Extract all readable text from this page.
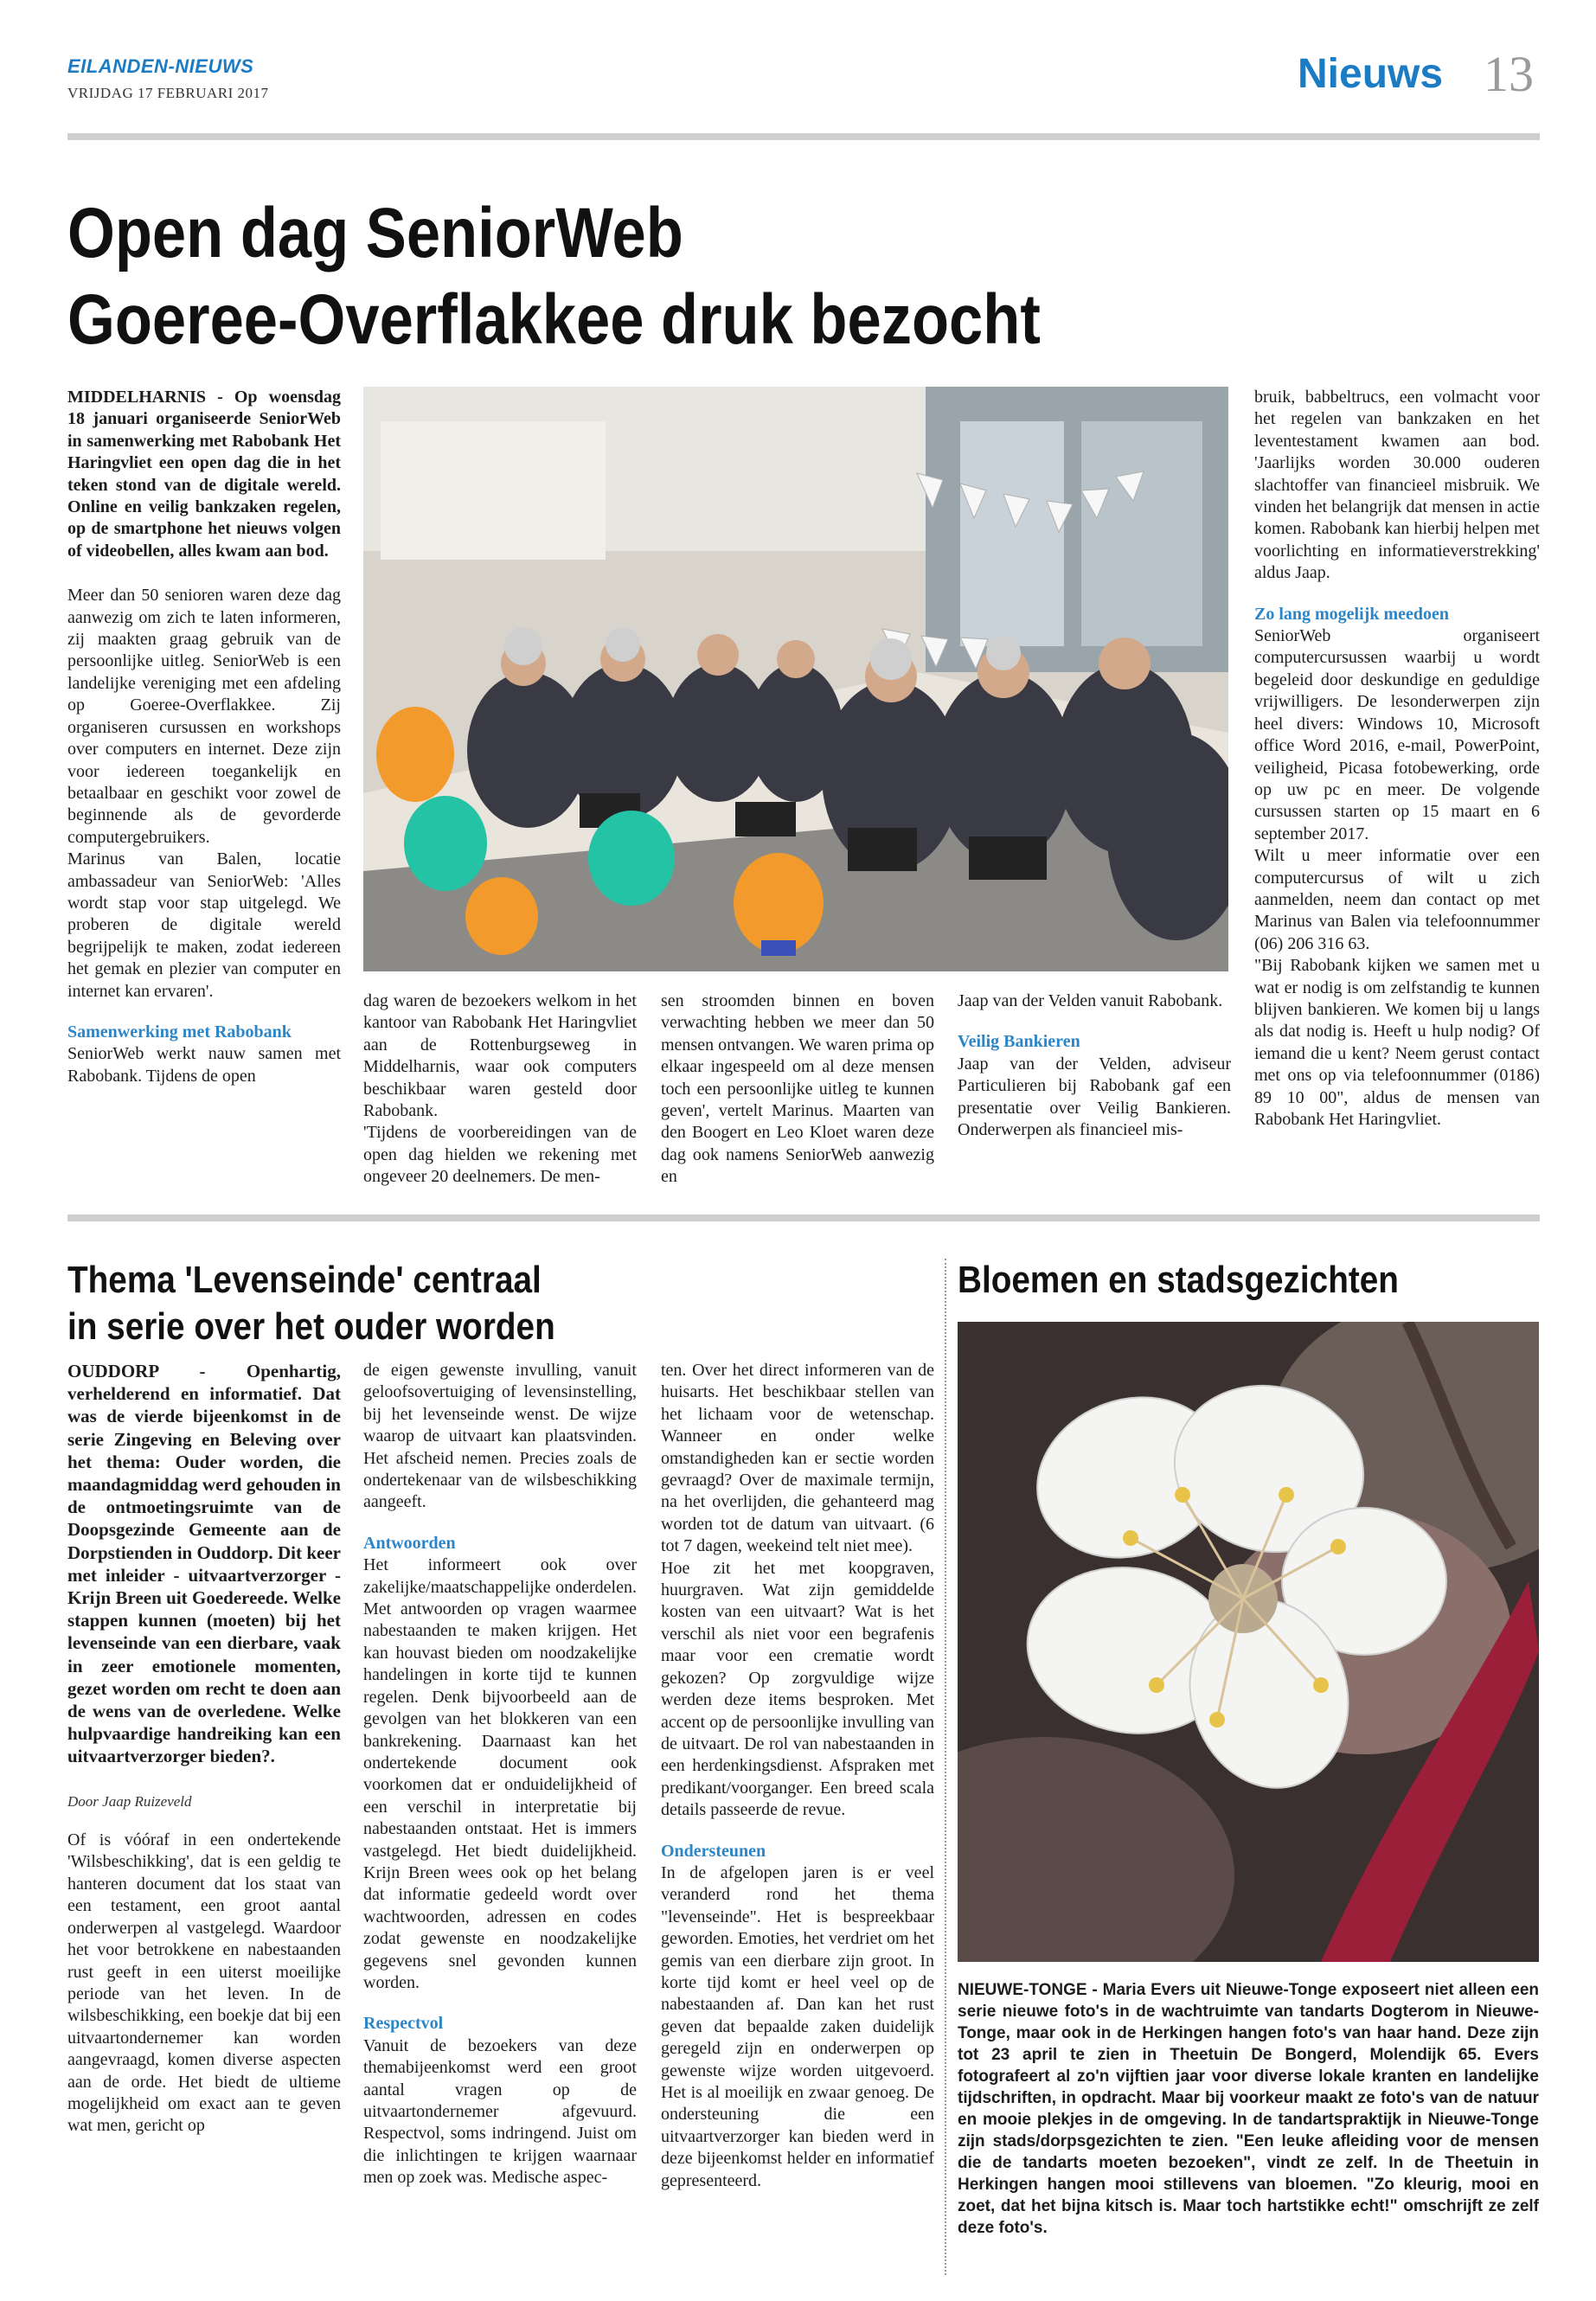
EILANDEN-NIEUWS
VRIJDAG 17 FEBRUARI 2017	Nieuws 13
Open dag SeniorWeb
Goeree-Overflakkee druk bezocht

MIDDELHARNIS - Op woensdag 18 januari organiseerde SeniorWeb in samenwerking met Rabobank Het Haringvliet een open dag die in het teken stond van de digitale wereld. Online en veilig bankzaken regelen, op de smartphone het nieuws volgen of videobellen, alles kwam aan bod.

Meer dan 50 senioren waren deze dag aanwezig om zich te laten informeren, zij maakten graag gebruik van de persoonlijke uitleg. SeniorWeb is een landelijke vereniging met een afdeling op Goeree-Overflakkee. Zij organiseren cursussen en workshops over computers en internet. Deze zijn voor iedereen toegankelijk en betaalbaar en geschikt voor zowel de beginnende als de gevorderde computergebruikers.

Marinus van Balen, locatie ambassadeur van SeniorWeb: 'Alles wordt stap voor stap uitgelegd. We proberen de digitale wereld begrijpelijk te maken, zodat iedereen het gemak en plezier van computer en internet kan ervaren'.

Samenwerking met Rabobank

SeniorWeb werkt nauw samen met Rabobank. Tijdens de open

dag waren de bezoekers welkom in het kantoor van Rabobank Het Haringvliet aan de Rottenburgseweg in Middelharnis, waar ook computers beschikbaar waren gesteld door Rabobank.

'Tijdens de voorbereidingen van de open dag hielden we rekening met ongeveer 20 deelnemers. De men-

sen stroomden binnen en boven verwachting hebben we meer dan 50 mensen ontvangen. We waren prima op elkaar ingespeeld om al deze mensen toch een persoonlijke uitleg te kunnen geven', vertelt Marinus. Maarten van den Boogert en Leo Kloet waren deze dag ook namens SeniorWeb aanwezig en

Jaap van der Velden vanuit Rabobank.

Veilig Bankieren

Jaap van der Velden, adviseur Particulieren bij Rabobank gaf een presentatie over Veilig Bankieren. Onderwerpen als financieel mis-

bruik, babbeltrucs, een volmacht voor het regelen van bankzaken en het leventestament kwamen aan bod. 'Jaarlijks worden 30.000 ouderen slachtoffer van financieel misbruik. We vinden het belangrijk dat mensen in actie komen. Rabobank kan hierbij helpen met voorlichting en informatieverstrekking' aldus Jaap.

Zo lang mogelijk meedoen

SeniorWeb organiseert computercursussen waarbij u wordt begeleid door deskundige en geduldige vrijwilligers. De lesonderwerpen zijn heel divers: Windows 10, Microsoft office Word 2016, e-mail, PowerPoint, veiligheid, Picasa fotobewerking, orde op uw pc en meer. De volgende cursussen starten op 15 maart en 6 september 2017.

Wilt u meer informatie over een computercursus of wilt u zich aanmelden, neem dan contact op met Marinus van Balen via telefoonnummer (06) 206 316 63.

"Bij Rabobank kijken we samen met u wat er nodig is om zelfstandig te kunnen blijven bankieren. We komen bij u langs als dat nodig is. Heeft u hulp nodig? Of iemand die u kent? Neem gerust contact met ons op via telefoonnummer (0186) 89 10 00", aldus de mensen van Rabobank Het Haringvliet.

Thema 'Levenseinde' centraal
in serie over het ouder worden

OUDDORP - Openhartig, verhelderend en informatief. Dat was de vierde bijeenkomst in de serie Zingeving en Beleving over het thema: Ouder worden, die maandagmiddag werd gehouden in de ontmoetingsruimte van de Doopsgezinde Gemeente aan de Dorpstienden in Ouddorp. Dit keer met inleider - uitvaartverzorger - Krijn Breen uit Goedereede. Welke stappen kunnen (moeten) bij het levenseinde van een dierbare, vaak in zeer emotionele momenten, gezet worden om recht te doen aan de wens van de overledene. Welke hulpvaardige handreiking kan een uitvaartverzorger bieden?.

Door Jaap Ruizeveld

Of is vóóraf in een ondertekende 'Wilsbeschikking', dat is een geldig te hanteren document dat los staat van een testament, een groot aantal onderwerpen al vastgelegd. Waardoor het voor betrokkene en nabestaanden rust geeft in een uiterst moeilijke periode van het leven. In de wilsbeschikking, een boekje dat bij een uitvaartondernemer kan worden aangevraagd, komen diverse aspecten aan de orde. Het biedt de ultieme mogelijkheid om exact aan te geven wat men, gericht op

de eigen gewenste invulling, vanuit geloofsovertuiging of levensinstelling, bij het levenseinde wenst. De wijze waarop de uitvaart kan plaatsvinden. Het afscheid nemen. Precies zoals de ondertekenaar van de wilsbeschikking aangeeft.

Antwoorden

Het informeert ook over zakelijke/maatschappelijke onderdelen. Met antwoorden op vragen waarmee nabestaanden te maken krijgen. Het kan houvast bieden om noodzakelijke handelingen in korte tijd te kunnen regelen. Denk bijvoorbeeld aan de gevolgen van het blokkeren van een bankrekening. Daarnaast kan het ondertekende document ook voorkomen dat er onduidelijkheid of een verschil in interpretatie bij nabestaanden ontstaat. Het is immers vastgelegd. Het biedt duidelijkheid. Krijn Breen wees ook op het belang dat informatie gedeeld wordt over wachtwoorden, adressen en codes zodat gewenste en noodzakelijke gegevens snel gevonden kunnen worden.

Respectvol

Vanuit de bezoekers van deze themabijeenkomst werd een groot aantal vragen op de uitvaartondernemer afgevuurd. Respectvol, soms indringend. Juist om die inlichtingen te krijgen waarnaar men op zoek was. Medische aspec-

ten. Over het direct informeren van de huisarts. Het beschikbaar stellen van het lichaam voor de wetenschap. Wanneer en onder welke omstandigheden kan er sectie worden gevraagd? Over de maximale termijn, na het overlijden, die gehanteerd mag worden tot de datum van uitvaart. (6 tot 7 dagen, weekeind telt niet mee).

Hoe zit het met koopgraven, huurgraven. Wat zijn gemiddelde kosten van een uitvaart? Wat is het verschil als niet voor een begrafenis maar voor een crematie wordt gekozen? Op zorgvuldige wijze werden deze items besproken. Met accent op de persoonlijke invulling van de uitvaart. De rol van nabestaanden in een herdenkingsdienst. Afspraken met predikant/voorganger. Een breed scala details passeerde de revue.

Ondersteunen

In de afgelopen jaren is er veel veranderd rond het thema "levenseinde". Het is bespreekbaar geworden. Emoties, het verdriet om het gemis van een dierbare zijn groot. In korte tijd komt er heel veel op de nabestaanden af. Dan kan het rust geven dat bepaalde zaken duidelijk geregeld zijn en onderwerpen op gewenste wijze worden uitgevoerd. Het is al moeilijk en zwaar genoeg. De ondersteuning die een uitvaartverzorger kan bieden werd in deze bijeenkomst helder en informatief gepresenteerd.

Bloemen en stadsgezichten
NIEUWE-TONGE - Maria Evers uit Nieuwe-Tonge exposeert niet alleen een serie nieuwe foto's in de wachtruimte van tandarts Dogterom in Nieuwe-Tonge, maar ook in de Herkingen hangen foto's van haar hand. Deze zijn tot 23 april te zien in Theetuin De Bongerd, Molendijk 65. Evers fotografeert al zo'n vijftien jaar voor diverse lokale kranten en landelijke tijdschriften, in opdracht. Maar bij voorkeur maakt ze foto's van de natuur en mooie plekjes in de omgeving. In de tandartspraktijk in Nieuwe-Tonge zijn stads/dorpsgezichten te zien. "Een leuke afleiding voor de mensen die de tandarts moeten bezoeken", vindt ze zelf. In de Theetuin in Herkingen hangen mooi stillevens van bloemen. "Zo kleurig, mooi en zoet, dat het bijna kitsch is. Maar toch hartstikke echt!" omschrijft ze zelf deze foto's.
